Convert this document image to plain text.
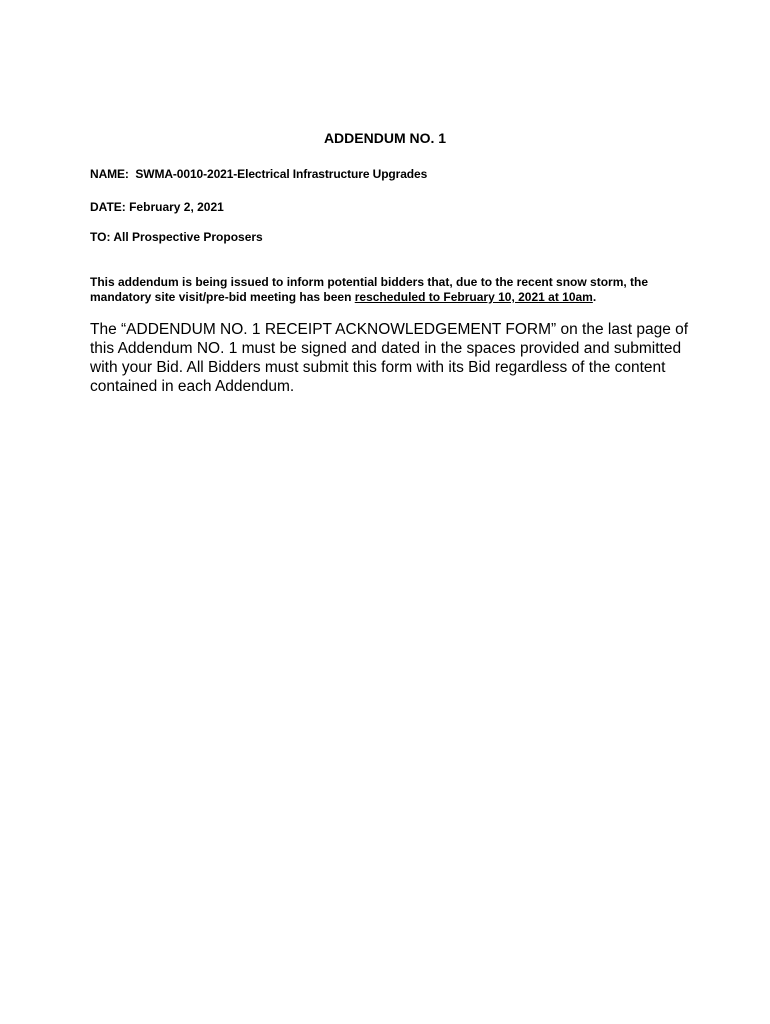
ADDENDUM NO. 1
NAME: SWMA-0010-2021-Electrical Infrastructure Upgrades
DATE: February 2, 2021
TO: All Prospective Proposers
This addendum is being issued to inform potential bidders that, due to the recent snow storm, the mandatory site visit/pre-bid meeting has been rescheduled to February 10, 2021 at 10am.
The “ADDENDUM NO. 1 RECEIPT ACKNOWLEDGEMENT FORM” on the last page of this Addendum NO. 1 must be signed and dated in the spaces provided and submitted with your Bid. All Bidders must submit this form with its Bid regardless of the content contained in each Addendum.
